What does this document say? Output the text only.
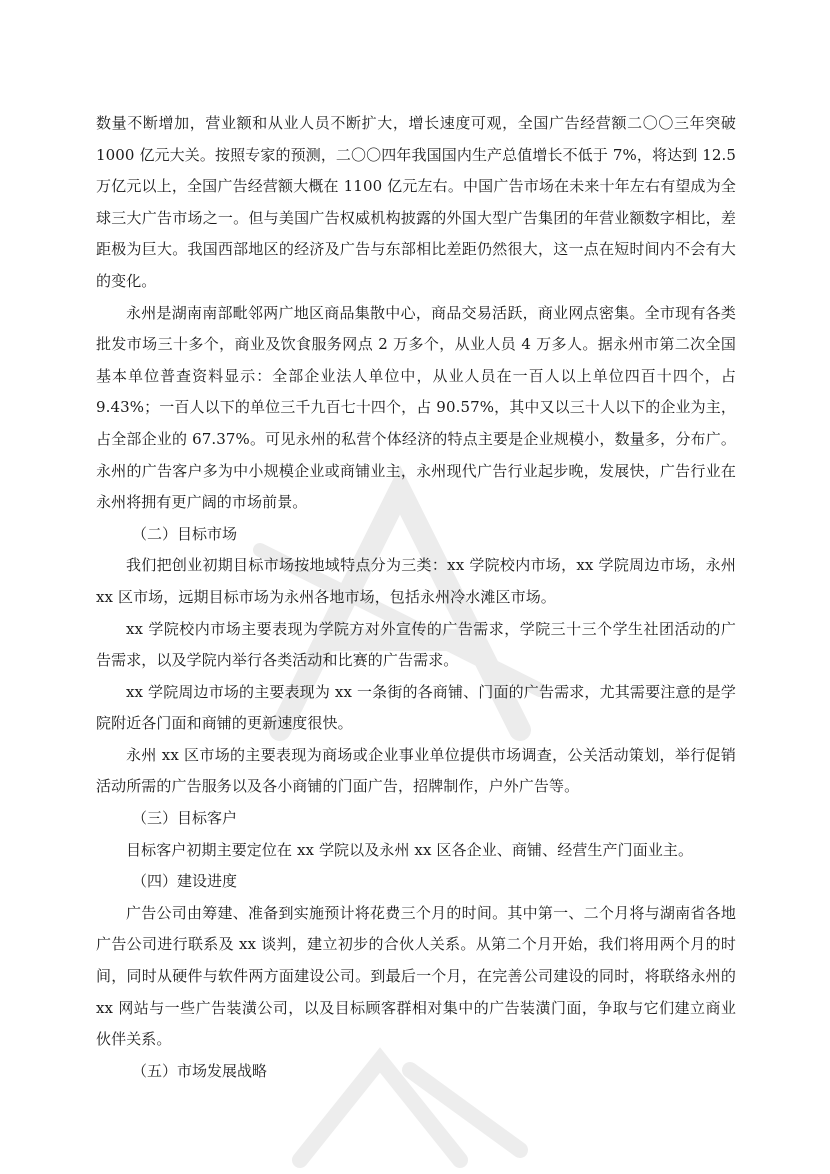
数量不断增加，营业额和从业人员不断扩大，增长速度可观，全国广告经营额二〇〇三年突破 1000 亿元大关。按照专家的预测，二〇〇四年我国国内生产总值增长不低于 7%，将达到 12.5 万亿元以上，全国广告经营额大概在 1100 亿元左右。中国广告市场在未来十年左右有望成为全球三大广告市场之一。但与美国广告权威机构披露的外国大型广告集团的年营业额数字相比，差距极为巨大。我国西部地区的经济及广告与东部相比差距仍然很大，这一点在短时间内不会有大的变化。

永州是湖南南部毗邻两广地区商品集散中心，商品交易活跃，商业网点密集。全市现有各类批发市场三十多个，商业及饮食服务网点 2 万多个，从业人员 4 万多人。据永州市第二次全国基本单位普查资料显示：全部企业法人单位中，从业人员在一百人以上单位四百十四个，占 9.43%；一百人以下的单位三千九百七十四个，占 90.57%，其中又以三十人以下的企业为主，占全部企业的 67.37%。可见永州的私营个体经济的特点主要是企业规模小，数量多，分布广。永州的广告客户多为中小规模企业或商铺业主，永州现代广告行业起步晚，发展快，广告行业在永州将拥有更广阔的市场前景。

（二）目标市场

我们把创业初期目标市场按地域特点分为三类：xx 学院校内市场，xx 学院周边市场，永州 xx 区市场，远期目标市场为永州各地市场，包括永州冷水滩区市场。

xx 学院校内市场主要表现为学院方对外宣传的广告需求，学院三十三个学生社团活动的广告需求，以及学院内举行各类活动和比赛的广告需求。

xx 学院周边市场的主要表现为 xx 一条街的各商铺、门面的广告需求，尤其需要注意的是学院附近各门面和商铺的更新速度很快。

永州 xx 区市场的主要表现为商场或企业事业单位提供市场调查，公关活动策划，举行促销活动所需的广告服务以及各小商铺的门面广告，招牌制作，户外广告等。

（三）目标客户

目标客户初期主要定位在 xx 学院以及永州 xx 区各企业、商铺、经营生产门面业主。

（四）建设进度

广告公司由筹建、准备到实施预计将花费三个月的时间。其中第一、二个月将与湖南省各地广告公司进行联系及 xx 谈判，建立初步的合伙人关系。从第二个月开始，我们将用两个月的时间，同时从硬件与软件两方面建设公司。到最后一个月，在完善公司建设的同时，将联络永州的 xx 网站与一些广告装潢公司，以及目标顾客群相对集中的广告装潢门面，争取与它们建立商业伙伴关系。

（五）市场发展战略
